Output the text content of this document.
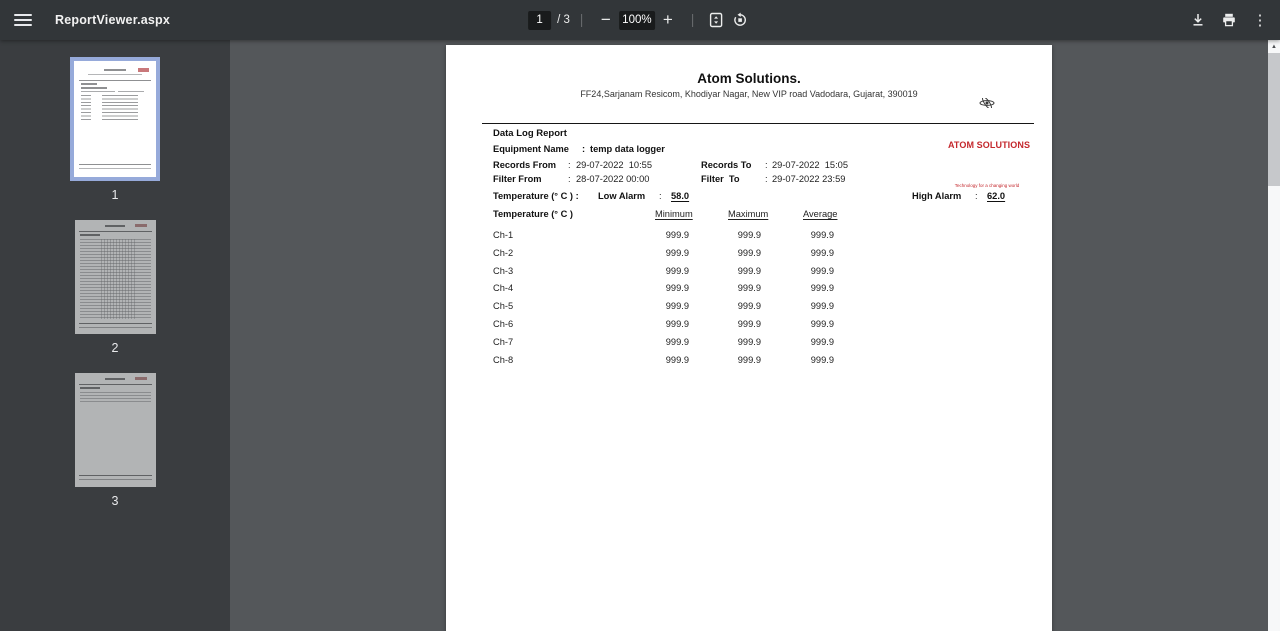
ReportViewer.aspx
1	/ 3	−
100%	+	⋮
1
2
3
Atom Solutions.
FF24,Sarjanam Resicom, Khodiyar Nagar, New VIP road Vadodara, Gujarat, 390019

ATOM SOLUTIONS

Technology for a changing world

Data Log Report
Equipment Name : temp data logger
Records From : 29-07-2022  10:55	Records To : 29-07-2022  15:05
Filter From	: 28-07-2022 00:00	Filter  To	: 29-07-2022 23:59
Temperature (° C ) : Low Alarm : 58.0	High Alarm : 62.0
Temperature (° C )	Minimum	Maximum	Average
Ch-1	999.9	999.9	999.9
Ch-2	999.9	999.9	999.9
Ch-3	999.9	999.9	999.9
Ch-4	999.9	999.9	999.9
Ch-5	999.9	999.9	999.9
Ch-6	999.9	999.9	999.9
Ch-7	999.9	999.9	999.9
Ch-8	999.9	999.9	999.9
▲
